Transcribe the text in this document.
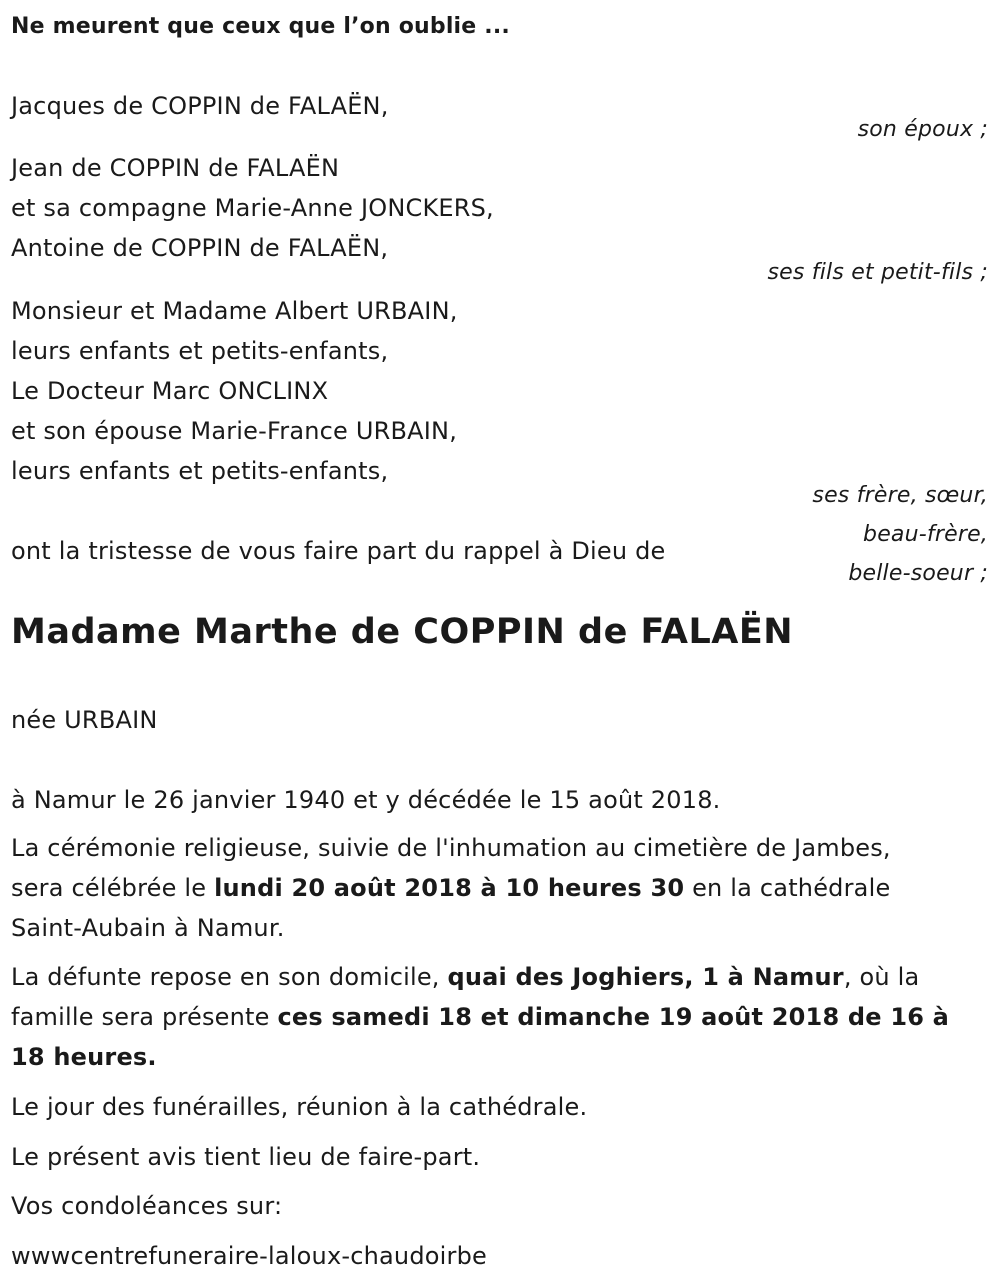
Ne meurent que ceux que l’on oublie ...

Jacques de COPPIN de FALAËN,

son époux ;

Jean de COPPIN de FALAËN

et sa compagne Marie-Anne JONCKERS,

Antoine de COPPIN de FALAËN,

ses fils et petit-fils ;

Monsieur et Madame Albert URBAIN,

leurs enfants et petits-enfants,

Le Docteur Marc ONCLINX

et son épouse Marie-France URBAIN,

leurs enfants et petits-enfants,

ses frère, sœur,
beau-frère,
belle-soeur ;

ont la tristesse de vous faire part du rappel à Dieu de

Madame Marthe de COPPIN de FALAËN

née URBAIN

à Namur le 26 janvier 1940 et y décédée le 15 août 2018.

La cérémonie religieuse, suivie de l'inhumation au cimetière de Jambes,

sera célébrée le lundi 20 août 2018 à 10 heures 30 en la cathédrale

Saint-Aubain à Namur.

La défunte repose en son domicile, quai des Joghiers, 1 à Namur, où la

famille sera présente ces samedi 18 et dimanche 19 août 2018 de 16 à

18 heures.

Le jour des funérailles, réunion à la cathédrale.

Le présent avis tient lieu de faire-part.

Vos condoléances sur:

wwwcentrefuneraire-laloux-chaudoirbe
